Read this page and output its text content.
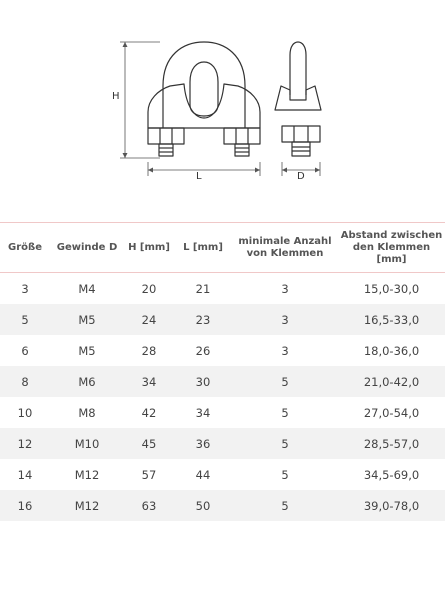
H
L	D
Größe	Gewinde D	H [mm]	L [mm]	minimale Anzahl von Klemmen	Abstand zwischen den Klemmen [mm]
3	M4	20	21	3	15,0-30,0
5	M5	24	23	3	16,5-33,0
6	M5	28	26	3	18,0-36,0
8	M6	34	30	5	21,0-42,0
10	M8	42	34	5	27,0-54,0
12	M10	45	36	5	28,5-57,0
14	M12	57	44	5	34,5-69,0
16	M12	63	50	5	39,0-78,0
